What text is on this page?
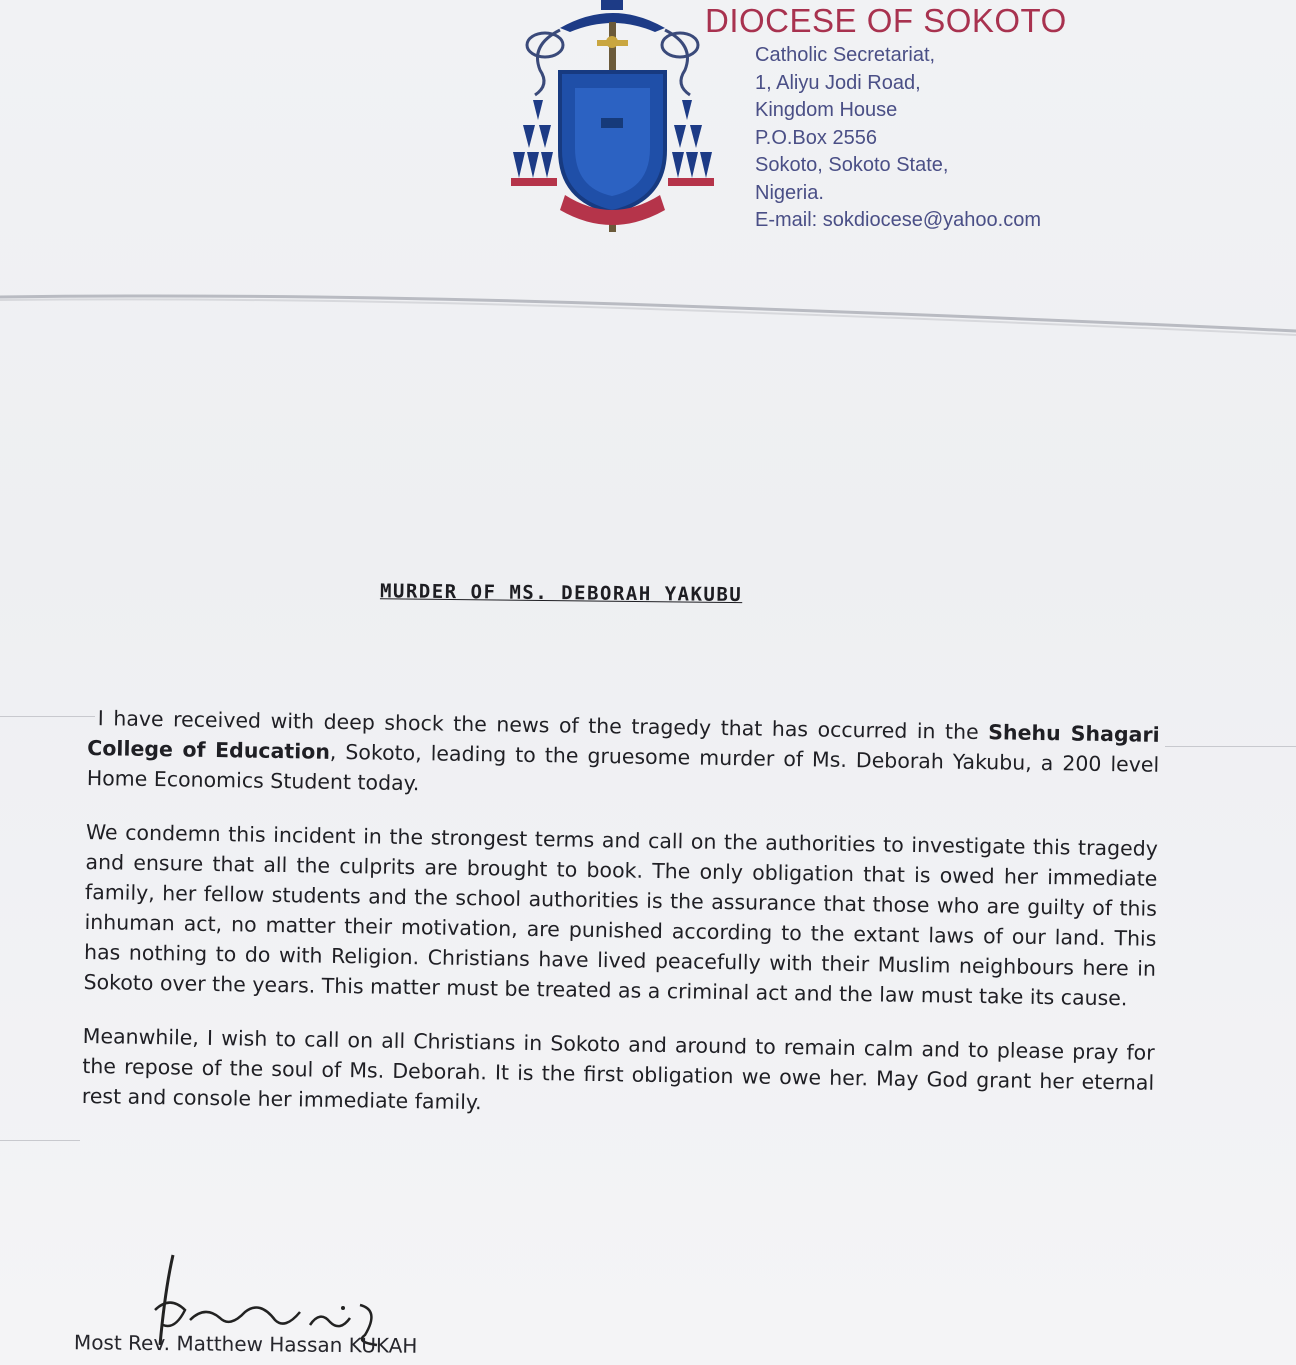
DIOCESE OF SOKOTO
Catholic Secretariat,
1, Aliyu Jodi Road,
Kingdom House
P.O.Box 2556
Sokoto, Sokoto State,
Nigeria.
E-mail: sokdiocese@yahoo.com
MURDER OF MS. DEBORAH YAKUBU

I have received with deep shock the news of the tragedy that has occurred in the Shehu Shagari College of Education, Sokoto, leading to the gruesome murder of Ms. Deborah Yakubu, a 200 level Home Economics Student today.

We condemn this incident in the strongest terms and call on the authorities to investigate this tragedy and ensure that all the culprits are brought to book. The only obligation that is owed her immediate family, her fellow students and the school authorities is the assurance that those who are guilty of this inhuman act, no matter their motivation, are punished according to the extant laws of our land. This has nothing to do with Religion. Christians have lived peacefully with their Muslim neighbours here in Sokoto over the years. This matter must be treated as a criminal act and the law must take its cause.

Meanwhile, I wish to call on all Christians in Sokoto and around to remain calm and to please pray for the repose of the soul of Ms. Deborah. It is the first obligation we owe her. May God grant her eternal rest and console her immediate family.

Most Rev. Matthew Hassan KUKAH
